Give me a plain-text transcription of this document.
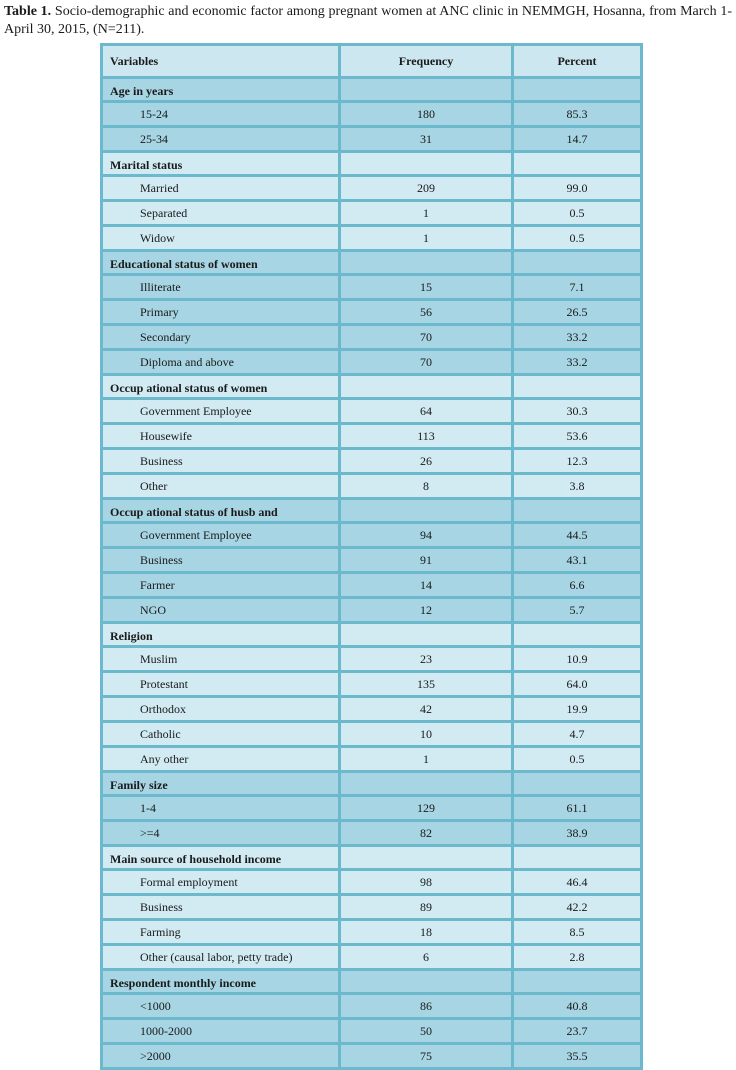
Table 1. Socio-demographic and economic factor among pregnant women at ANC clinic in NEMMGH, Hosanna, from March 1-April 30, 2015, (N=211).
Variables	Frequency	Percent
Age in years		
15-24	180	85.3
25-34	31	14.7
Marital status		
Married	209	99.0
Separated	1	0.5
Widow	1	0.5
Educational status of women		
Illiterate	15	7.1
Primary	56	26.5
Secondary	70	33.2
Diploma and above	70	33.2
Occup ational status of women		
Government Employee	64	30.3
Housewife	113	53.6
Business	26	12.3
Other	8	3.8
Occup ational status of husb and		
Government Employee	94	44.5
Business	91	43.1
Farmer	14	6.6
NGO	12	5.7
Religion		
Muslim	23	10.9
Protestant	135	64.0
Orthodox	42	19.9
Catholic	10	4.7
Any other	1	0.5
Family size		
1-4	129	61.1
>=4	82	38.9
Main source of household income		
Formal employment	98	46.4
Business	89	42.2
Farming	18	8.5
Other (causal labor, petty trade)	6	2.8
Respondent monthly income		
<1000	86	40.8
1000-2000	50	23.7
>2000	75	35.5
